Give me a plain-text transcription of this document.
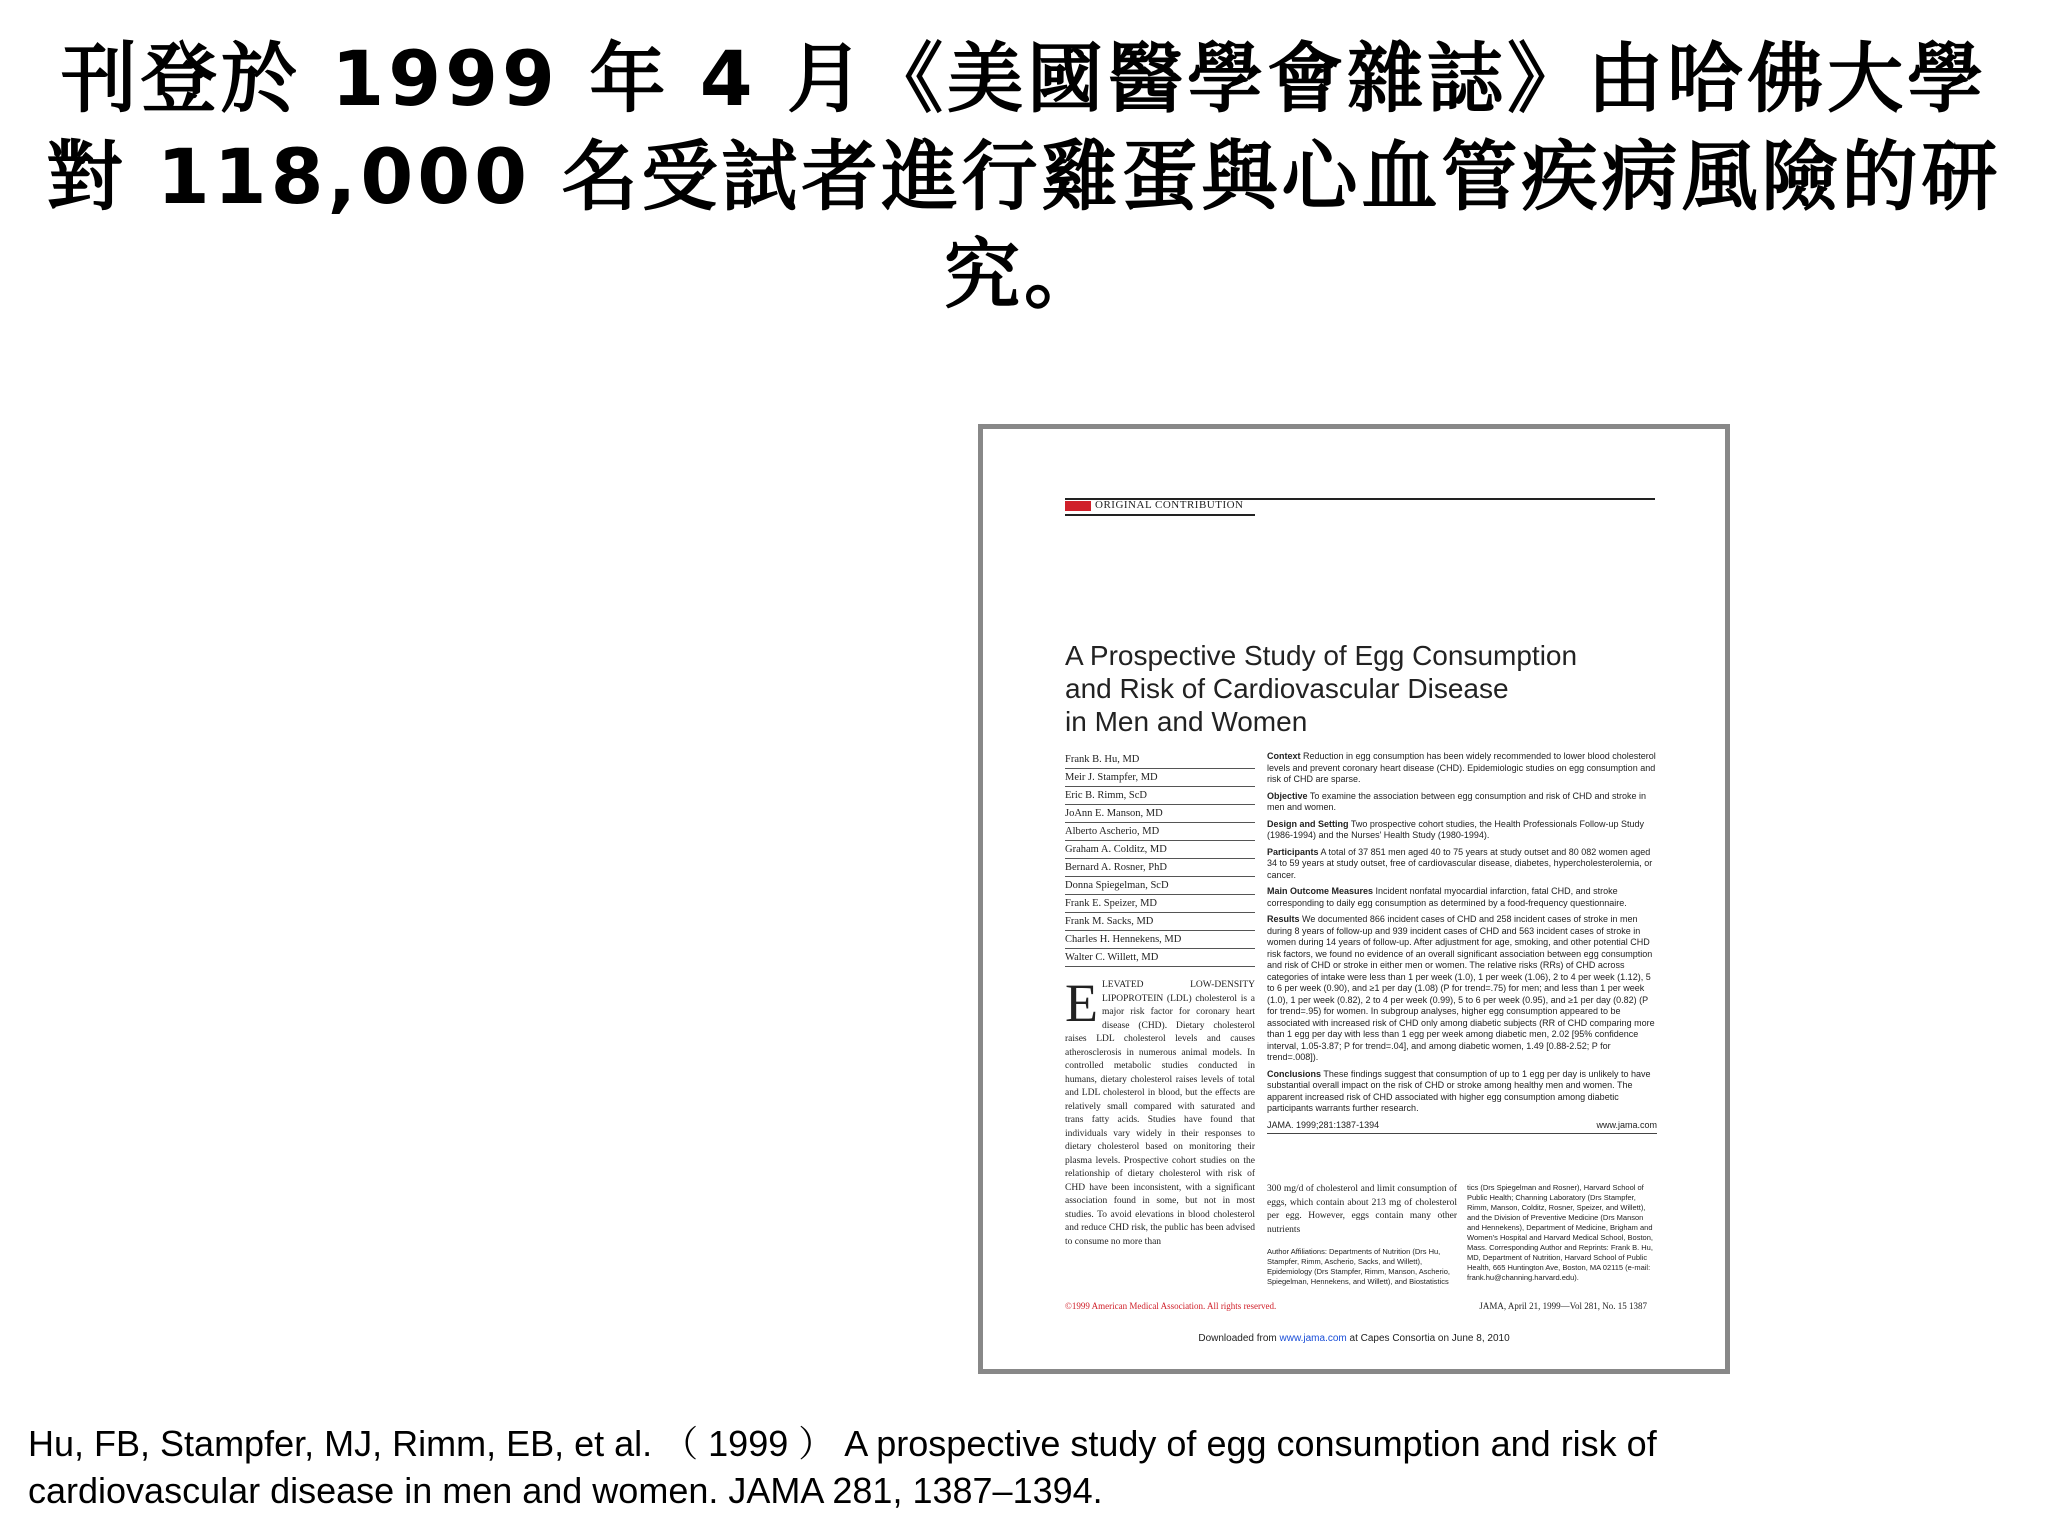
刊登於 1999 年 4 月《美國醫學會雜誌》由哈佛大學
對 118,000 名受試者進行雞蛋與心血管疾病風險的研
究。
ORIGINAL CONTRIBUTION
A Prospective Study of Egg Consumption
and Risk of Cardiovascular Disease
in Men and Women
Frank B. Hu, MD
Meir J. Stampfer, MD
Eric B. Rimm, ScD
JoAnn E. Manson, MD
Alberto Ascherio, MD
Graham A. Colditz, MD
Bernard A. Rosner, PhD
Donna Spiegelman, ScD
Frank E. Speizer, MD
Frank M. Sacks, MD
Charles H. Hennekens, MD
Walter C. Willett, MD
Context Reduction in egg consumption has been widely recommended to lower blood cholesterol levels and prevent coronary heart disease (CHD). Epidemiologic studies on egg consumption and risk of CHD are sparse.
Objective To examine the association between egg consumption and risk of CHD and stroke in men and women.
Design and Setting Two prospective cohort studies, the Health Professionals Follow-up Study (1986-1994) and the Nurses' Health Study (1980-1994).
Participants A total of 37 851 men aged 40 to 75 years at study outset and 80 082 women aged 34 to 59 years at study outset, free of cardiovascular disease, diabetes, hypercholesterolemia, or cancer.
Main Outcome Measures Incident nonfatal myocardial infarction, fatal CHD, and stroke corresponding to daily egg consumption as determined by a food-frequency questionnaire.
Results We documented 866 incident cases of CHD and 258 incident cases of stroke in men during 8 years of follow-up and 939 incident cases of CHD and 563 incident cases of stroke in women during 14 years of follow-up. After adjustment for age, smoking, and other potential CHD risk factors, we found no evidence of an overall significant association between egg consumption and risk of CHD or stroke in either men or women. The relative risks (RRs) of CHD across categories of intake were less than 1 per week (1.0), 1 per week (1.06), 2 to 4 per week (1.12), 5 to 6 per week (0.90), and ≥1 per day (1.08) (P for trend=.75) for men; and less than 1 per week (1.0), 1 per week (0.82), 2 to 4 per week (0.99), 5 to 6 per week (0.95), and ≥1 per day (0.82) (P for trend=.95) for women. In subgroup analyses, higher egg consumption appeared to be associated with increased risk of CHD only among diabetic subjects (RR of CHD comparing more than 1 egg per day with less than 1 egg per week among diabetic men, 2.02 [95% confidence interval, 1.05-3.87; P for trend=.04], and among diabetic women, 1.49 [0.88-2.52; P for trend=.008]).
Conclusions These findings suggest that consumption of up to 1 egg per day is unlikely to have substantial overall impact on the risk of CHD or stroke among healthy men and women. The apparent increased risk of CHD associated with higher egg consumption among diabetic participants warrants further research.
JAMA. 1999;281:1387-1394	www.jama.com
ELEVATED LOW-DENSITY LIPOPROTEIN (LDL) cholesterol is a major risk factor for coronary heart disease (CHD). Dietary cholesterol raises LDL cholesterol levels and causes atherosclerosis in numerous animal models. In controlled metabolic studies conducted in humans, dietary cholesterol raises levels of total and LDL cholesterol in blood, but the effects are relatively small compared with saturated and trans fatty acids. Studies have found that individuals vary widely in their responses to dietary cholesterol based on monitoring their plasma levels. Prospective cohort studies on the relationship of dietary cholesterol with risk of CHD have been inconsistent, with a significant association found in some, but not in most studies. To avoid elevations in blood cholesterol and reduce CHD risk, the public has been advised to consume no more than
300 mg/d of cholesterol and limit consumption of eggs, which contain about 213 mg of cholesterol per egg. However, eggs contain many other nutrients
Author Affiliations: Departments of Nutrition (Drs Hu, Stampfer, Rimm, Ascherio, Sacks, and Willett), Epidemiology (Drs Stampfer, Rimm, Manson, Ascherio, Spiegelman, Hennekens, and Willett), and Biostatistics
tics (Drs Spiegelman and Rosner), Harvard School of Public Health; Channing Laboratory (Drs Stampfer, Rimm, Manson, Colditz, Rosner, Speizer, and Willett), and the Division of Preventive Medicine (Drs Manson and Hennekens), Department of Medicine, Brigham and Women's Hospital and Harvard Medical School, Boston, Mass. Corresponding Author and Reprints: Frank B. Hu, MD, Department of Nutrition, Harvard School of Public Health, 665 Huntington Ave, Boston, MA 02115 (e-mail: frank.hu@channing.harvard.edu).
©1999 American Medical Association. All rights reserved.	JAMA, April 21, 1999—Vol 281, No. 15 1387
Downloaded from www.jama.com at Capes Consortia on June 8, 2010
Hu, FB, Stampfer, MJ, Rimm, EB, et al. （ 1999 ） A prospective study of egg consumption and risk of
cardiovascular disease in men and women. JAMA 281, 1387–1394.
